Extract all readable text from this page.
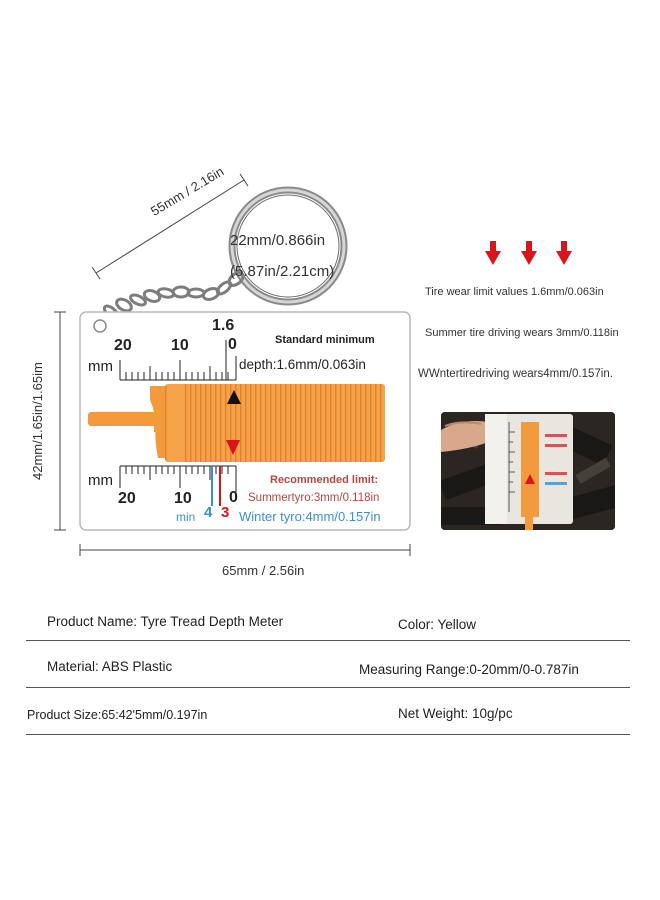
55mm / 2.16in
22mm/0.866in
(5.87in/2.21cm)
42mm/1.65in/1.65im
65mm / 2.56in
mm
20 10 0
1.6
Standard minimum
depth:1.6mm/0.063in
mm
20 10 0
min 4 3
Recommended limit:
Summertyro:3mm/0.118in
Winter tyro:4mm/0.157in
Tire wear limit values 1.6mm/0.063in
Summer tire driving wears 3mm/0.118in
WWntertiredriving wears4mm/0.157in.
Product Name: Tyre Tread Depth Meter	Color: Yellow
Material: ABS Plastic	Measuring Range:0-20mm/0-0.787in
Product Size:65:42'5mm/0.197in	Net Weight: 10g/pc
